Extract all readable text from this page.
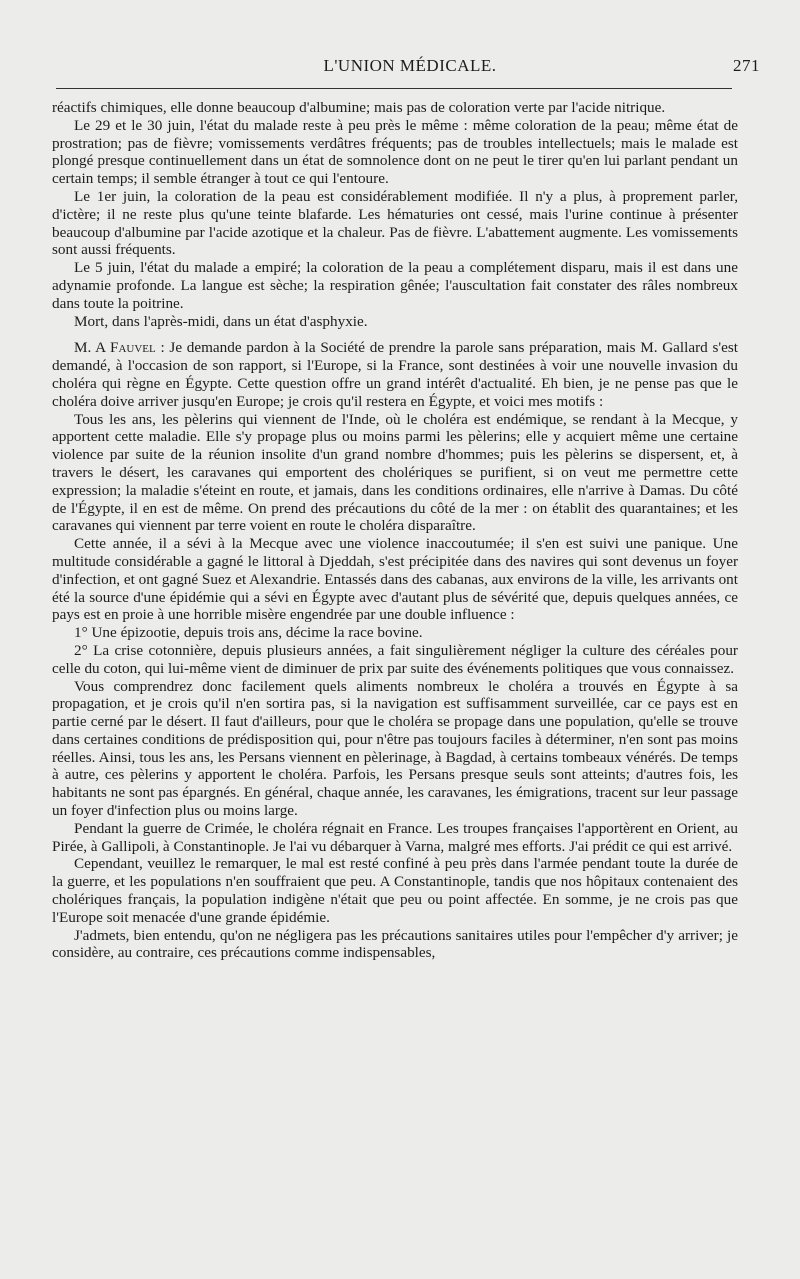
L'UNION MÉDICALE.	271

réactifs chimiques, elle donne beaucoup d'albumine; mais pas de coloration verte par l'acide nitrique.

Le 29 et le 30 juin, l'état du malade reste à peu près le même : même coloration de la peau; même état de prostration; pas de fièvre; vomissements verdâtres fréquents; pas de troubles intellectuels; mais le malade est plongé presque continuellement dans un état de somnolence dont on ne peut le tirer qu'en lui parlant pendant un certain temps; il semble étranger à tout ce qui l'entoure.

Le 1er juin, la coloration de la peau est considérablement modifiée. Il n'y a plus, à proprement parler, d'ictère; il ne reste plus qu'une teinte blafarde. Les hématuries ont cessé, mais l'urine continue à présenter beaucoup d'albumine par l'acide azotique et la chaleur. Pas de fièvre. L'abattement augmente. Les vomissements sont aussi fréquents.

Le 5 juin, l'état du malade a empiré; la coloration de la peau a complétement disparu, mais il est dans une adynamie profonde. La langue est sèche; la respiration gênée; l'auscultation fait constater des râles nombreux dans toute la poitrine.

Mort, dans l'après-midi, dans un état d'asphyxie.

M. A Fauvel : Je demande pardon à la Société de prendre la parole sans préparation, mais M. Gallard s'est demandé, à l'occasion de son rapport, si l'Europe, si la France, sont destinées à voir une nouvelle invasion du choléra qui règne en Égypte. Cette question offre un grand intérêt d'actualité. Eh bien, je ne pense pas que le choléra doive arriver jusqu'en Europe; je crois qu'il restera en Égypte, et voici mes motifs :

Tous les ans, les pèlerins qui viennent de l'Inde, où le choléra est endémique, se rendant à la Mecque, y apportent cette maladie. Elle s'y propage plus ou moins parmi les pèlerins; elle y acquiert même une certaine violence par suite de la réunion insolite d'un grand nombre d'hommes; puis les pèlerins se dispersent, et, à travers le désert, les caravanes qui emportent des cholériques se purifient, si on veut me permettre cette expression; la maladie s'éteint en route, et jamais, dans les conditions ordinaires, elle n'arrive à Damas. Du côté de l'Égypte, il en est de même. On prend des précautions du côté de la mer : on établit des quarantaines; et les caravanes qui viennent par terre voient en route le choléra disparaître.

Cette année, il a sévi à la Mecque avec une violence inaccoutumée; il s'en est suivi une panique. Une multitude considérable a gagné le littoral à Djeddah, s'est précipitée dans des navires qui sont devenus un foyer d'infection, et ont gagné Suez et Alexandrie. Entassés dans des cabanas, aux environs de la ville, les arrivants ont été la source d'une épidémie qui a sévi en Égypte avec d'autant plus de sévérité que, depuis quelques années, ce pays est en proie à une horrible misère engendrée par une double influence :

1° Une épizootie, depuis trois ans, décime la race bovine.

2° La crise cotonnière, depuis plusieurs années, a fait singulièrement négliger la culture des céréales pour celle du coton, qui lui-même vient de diminuer de prix par suite des événements politiques que vous connaissez.

Vous comprendrez donc facilement quels aliments nombreux le choléra a trouvés en Égypte à sa propagation, et je crois qu'il n'en sortira pas, si la navigation est suffisamment surveillée, car ce pays est en partie cerné par le désert. Il faut d'ailleurs, pour que le choléra se propage dans une population, qu'elle se trouve dans certaines conditions de prédisposition qui, pour n'être pas toujours faciles à déterminer, n'en sont pas moins réelles. Ainsi, tous les ans, les Persans viennent en pèlerinage, à Bagdad, à certains tombeaux vénérés. De temps à autre, ces pèlerins y apportent le choléra. Parfois, les Persans presque seuls sont atteints; d'autres fois, les habitants ne sont pas épargnés. En général, chaque année, les caravanes, les émigrations, tracent sur leur passage un foyer d'infection plus ou moins large.

Pendant la guerre de Crimée, le choléra régnait en France. Les troupes françaises l'apportèrent en Orient, au Pirée, à Gallipoli, à Constantinople. Je l'ai vu débarquer à Varna, malgré mes efforts. J'ai prédit ce qui est arrivé.

Cependant, veuillez le remarquer, le mal est resté confiné à peu près dans l'armée pendant toute la durée de la guerre, et les populations n'en souffraient que peu. A Constantinople, tandis que nos hôpitaux contenaient des cholériques français, la population indigène n'était que peu ou point affectée. En somme, je ne crois pas que l'Europe soit menacée d'une grande épidémie.

J'admets, bien entendu, qu'on ne négligera pas les précautions sanitaires utiles pour l'empêcher d'y arriver; je considère, au contraire, ces précautions comme indispensables,
